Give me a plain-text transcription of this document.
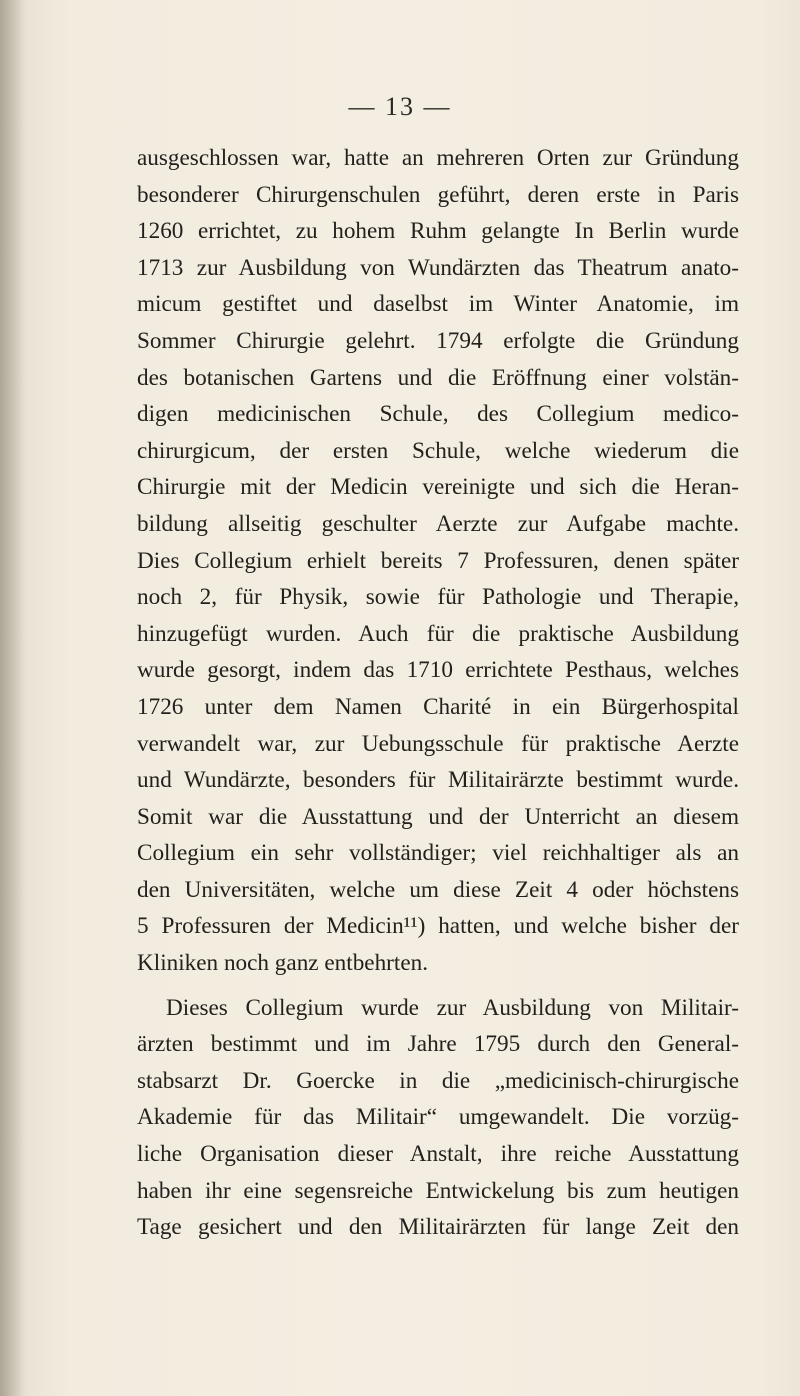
— 13 —
ausgeschlossen war, hatte an mehreren Orten zur Gründung
besonderer Chirurgenschulen geführt, deren erste in Paris
1260 errichtet, zu hohem Ruhm gelangte In Berlin wurde
1713 zur Ausbildung von Wundärzten das Theatrum anato-
micum gestiftet und daselbst im Winter Anatomie, im
Sommer Chirurgie gelehrt. 1794 erfolgte die Gründung
des botanischen Gartens und die Eröffnung einer volstän-
digen medicinischen Schule, des Collegium medico-
chirurgicum, der ersten Schule, welche wiederum die
Chirurgie mit der Medicin vereinigte und sich die Heran-
bildung allseitig geschulter Aerzte zur Aufgabe machte.
Dies Collegium erhielt bereits 7 Professuren, denen später
noch 2, für Physik, sowie für Pathologie und Therapie,
hinzugefügt wurden. Auch für die praktische Ausbildung
wurde gesorgt, indem das 1710 errichtete Pesthaus, welches
1726 unter dem Namen Charité in ein Bürgerhospital
verwandelt war, zur Uebungsschule für praktische Aerzte
und Wundärzte, besonders für Militairärzte bestimmt wurde.
Somit war die Ausstattung und der Unterricht an diesem
Collegium ein sehr vollständiger; viel reichhaltiger als an
den Universitäten, welche um diese Zeit 4 oder höchstens
5 Professuren der Medicin¹¹) hatten, und welche bisher der
Kliniken noch ganz entbehrten.
Dieses Collegium wurde zur Ausbildung von Militair-
ärzten bestimmt und im Jahre 1795 durch den General-
stabsarzt Dr. Goercke in die „medicinisch-chirurgische
Akademie für das Militair“ umgewandelt. Die vorzüg-
liche Organisation dieser Anstalt, ihre reiche Ausstattung
haben ihr eine segensreiche Entwickelung bis zum heutigen
Tage gesichert und den Militairärzten für lange Zeit den
